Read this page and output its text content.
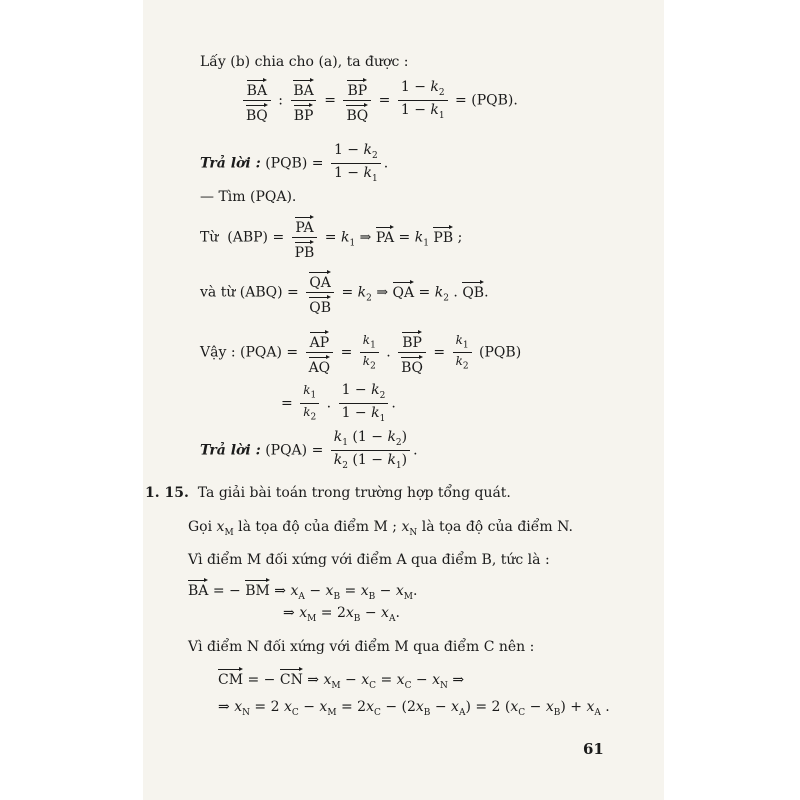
Lấy (b) chia cho (a), ta được :
$\frac{BA}{BQ}$ : $\frac{BA}{BP} = \frac{BP}{BQ} = \frac{1 - k_2}{1 - k_1} = (PQB)$.
Trả lời : $(PQB) = \frac{1 - k_2}{1 - k_1}$ .
— Tìm (PQA).
Từ  $(ABP) = \frac{PA}{PB} = k_1$ ⇒ PA = $k_1$ PB ;
và từ $(ABQ) = \frac{QA}{QB} = k_2$ ⇒ QA = $k_2$ . QB.
Vậy : $(PQA) = \frac{AP}{AQ} = \frac{k_1}{k_2}$ . $\frac{BP}{BQ} = \frac{k_1}{k_2} (PQB)$
= $\frac{k_1}{k_2}$ . $\frac{1 - k_2}{1 - k_1}$ .
Trả lời : $(PQA) = \frac{k_1 (1 - k_2)}{k_2 (1 - k_1)}$ .
1. 15. Ta giải bài toán trong trường hợp tổng quát.
Gọi $x_M$ là tọa độ của điểm M ; $x_N$ là tọa độ của điểm N.
Vì điểm M đối xứng với điểm A qua điểm B, tức là :
BA = − BM ⇒ $x_A - x_B = x_B - x_M$.
⇒ $x_M = 2x_B - x_A$.
Vì điểm N đối xứng với điểm M qua điểm C nên :
CM = − CN ⇒ $x_M - x_C = x_C - x_N$ ⇒
⇒ $x_N = 2$ $x_C - x_M = 2x_C - (2x_B - x_A) = 2$ $(x_C - x_B) + x_A$ .
61
